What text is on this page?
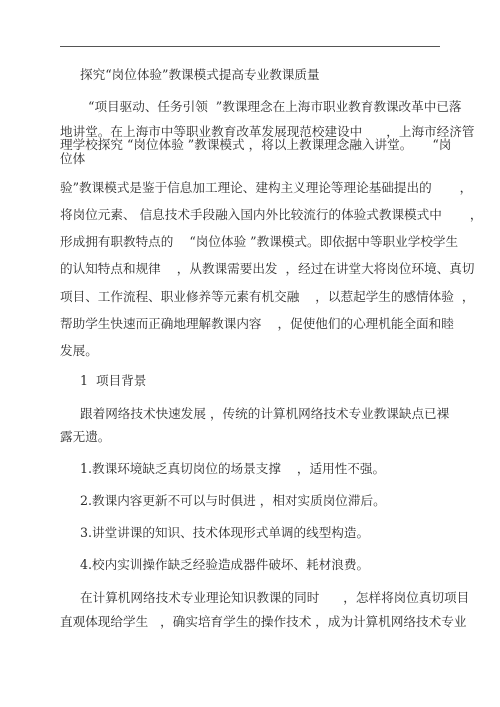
探究“岗位体验”教课模式提高专业教课质量
“项目驱动、任务引领  ”教课理念在上海市职业教育教课改革中已落
地讲堂。在上海市中等职业教育改革发展现范校建设中      ，上海市经济管
理学校探究 “岗位体验 ”教课模式 ，将以上教课理念融入讲堂。     “岗
位体
验”教课模式是鉴于信息加工理论、建构主义理论等理论基础提出的       ，
将岗位元素、 信息技术手段融入国内外比较流行的体验式教课模式中       ，
形成拥有职教特点的    “岗位体验 ”教课模式。即依据中等职业学校学生
的认知特点和规律    ，从教课需要出发  ，经过在讲堂大将岗位环境、真切
项目、工作流程、职业修养等元素有机交融    ，以惹起学生的感情体验  ，
帮助学生快速而正确地理解教课内容    ，促使他们的心理机能全面和睦
发展。
1  项目背景
跟着网络技术快速发展 ，传统的计算机网络技术专业教课缺点已裸
露无遗。
1.教课环境缺乏真切岗位的场景支撑    ，适用性不强。
2.教课内容更新不可以与时俱进 ，相对实质岗位滞后。
3.讲堂讲课的知识、技术体现形式单调的线型构造。
4.校内实训操作缺乏经验造成器件破坏、耗材浪费。
在计算机网络技术专业理论知识教课的同时      ，怎样将岗位真切项目
直观体现给学生   ，确实培育学生的操作技术 ，成为计算机网络技术专业
